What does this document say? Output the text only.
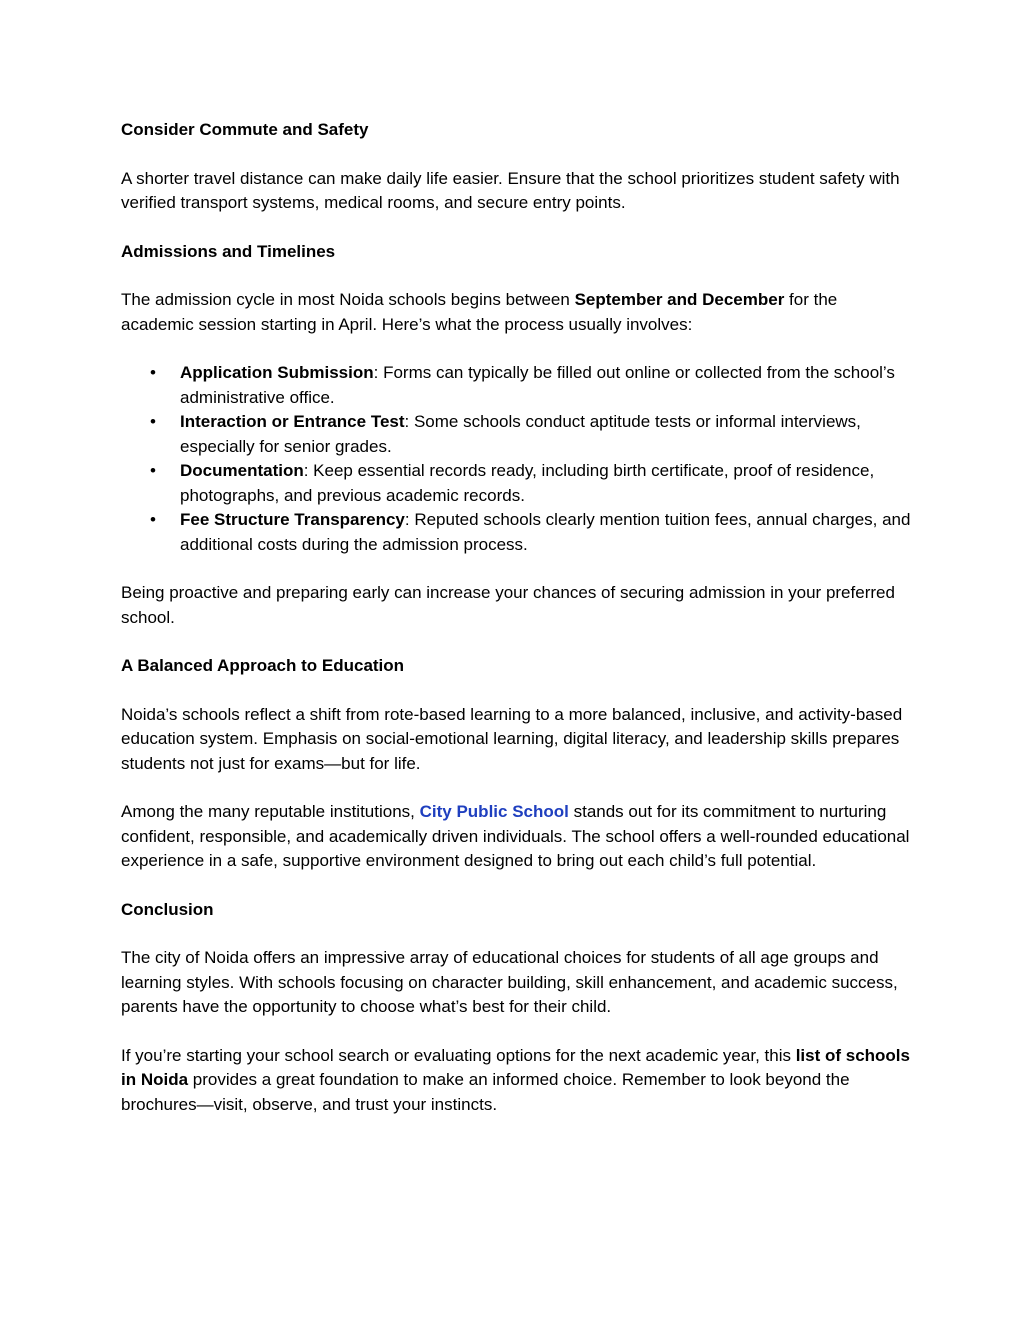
Consider Commute and Safety

A shorter travel distance can make daily life easier. Ensure that the school prioritizes student safety with verified transport systems, medical rooms, and secure entry points.

Admissions and Timelines

The admission cycle in most Noida schools begins between September and December for the academic session starting in April. Here’s what the process usually involves:

• Application Submission: Forms can typically be filled out online or collected from the school’s administrative office.
• Interaction or Entrance Test: Some schools conduct aptitude tests or informal interviews, especially for senior grades.
• Documentation: Keep essential records ready, including birth certificate, proof of residence, photographs, and previous academic records.
• Fee Structure Transparency: Reputed schools clearly mention tuition fees, annual charges, and additional costs during the admission process.

Being proactive and preparing early can increase your chances of securing admission in your preferred school.

A Balanced Approach to Education

Noida’s schools reflect a shift from rote-based learning to a more balanced, inclusive, and activity-based education system. Emphasis on social-emotional learning, digital literacy, and leadership skills prepares students not just for exams—but for life.

Among the many reputable institutions, City Public School stands out for its commitment to nurturing confident, responsible, and academically driven individuals. The school offers a well-rounded educational experience in a safe, supportive environment designed to bring out each child’s full potential.

Conclusion

The city of Noida offers an impressive array of educational choices for students of all age groups and learning styles. With schools focusing on character building, skill enhancement, and academic success, parents have the opportunity to choose what’s best for their child.

If you’re starting your school search or evaluating options for the next academic year, this list of schools in Noida provides a great foundation to make an informed choice. Remember to look beyond the brochures—visit, observe, and trust your instincts.
